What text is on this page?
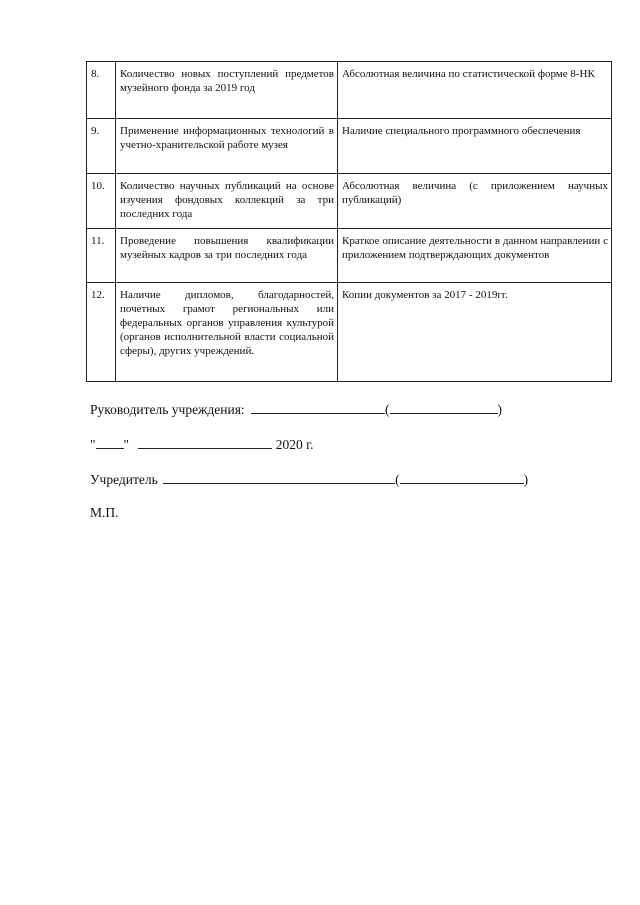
8.	Количество новых поступлений предметов музейного фонда за 2019 год	Абсолютная величина по статистической форме 8-НК
9.	Применение информационных технологий в учетно-хранительской работе музея	Наличие специального программного обеспечения
10.	Количество научных публикаций на основе изучения фондовых коллекций за три последних года	Абсолютная величина (с приложением научных публикаций)
11.	Проведение повышения квалификации музейных кадров за три последних года	Краткое описание деятельности в данном направлении с приложением подтверждающих документов
12.	Наличие дипломов, благодарностей, почетных грамот региональных или федеральных органов управления культурой (органов исполнительной власти социальной сферы), других учреждений.	Копии документов за 2017 - 2019гг.
Руководитель учреждения:	(	)
" "	2020 г.
Учредитель	(	)
М.П.
